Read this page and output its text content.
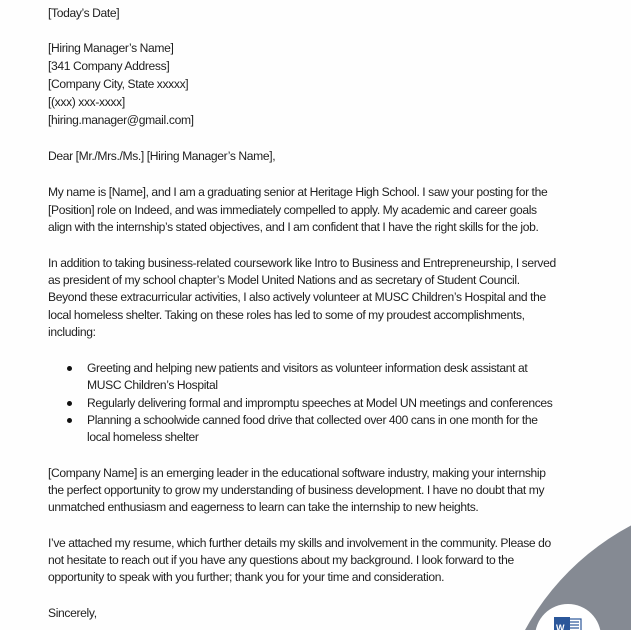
[Today’s Date]
[Hiring Manager’s Name]
[341 Company Address]
[Company City, State xxxxx]
[(xxx) xxx-xxxx]
[hiring.manager@gmail.com]
Dear [Mr./Mrs./Ms.] [Hiring Manager’s Name],
My name is [Name], and I am a graduating senior at Heritage High School. I saw your posting for the
[Position] role on Indeed, and was immediately compelled to apply. My academic and career goals
align with the internship’s stated objectives, and I am confident that I have the right skills for the job.
In addition to taking business-related coursework like Intro to Business and Entrepreneurship, I served
as president of my school chapter’s Model United Nations and as secretary of Student Council.
Beyond these extracurricular activities, I also actively volunteer at MUSC Children’s Hospital and the
local homeless shelter. Taking on these roles has led to some of my proudest accomplishments,
including:
Greeting and helping new patients and visitors as volunteer information desk assistant at
MUSC Children’s Hospital
Regularly delivering formal and impromptu speeches at Model UN meetings and conferences
Planning a schoolwide canned food drive that collected over 400 cans in one month for the
local homeless shelter
[Company Name] is an emerging leader in the educational software industry, making your internship
the perfect opportunity to grow my understanding of business development. I have no doubt that my
unmatched enthusiasm and eagerness to learn can take the internship to new heights.
I’ve attached my resume, which further details my skills and involvement in the community. Please do
not hesitate to reach out if you have any questions about my background. I look forward to the
opportunity to speak with you further; thank you for your time and consideration.
Sincerely,
W
